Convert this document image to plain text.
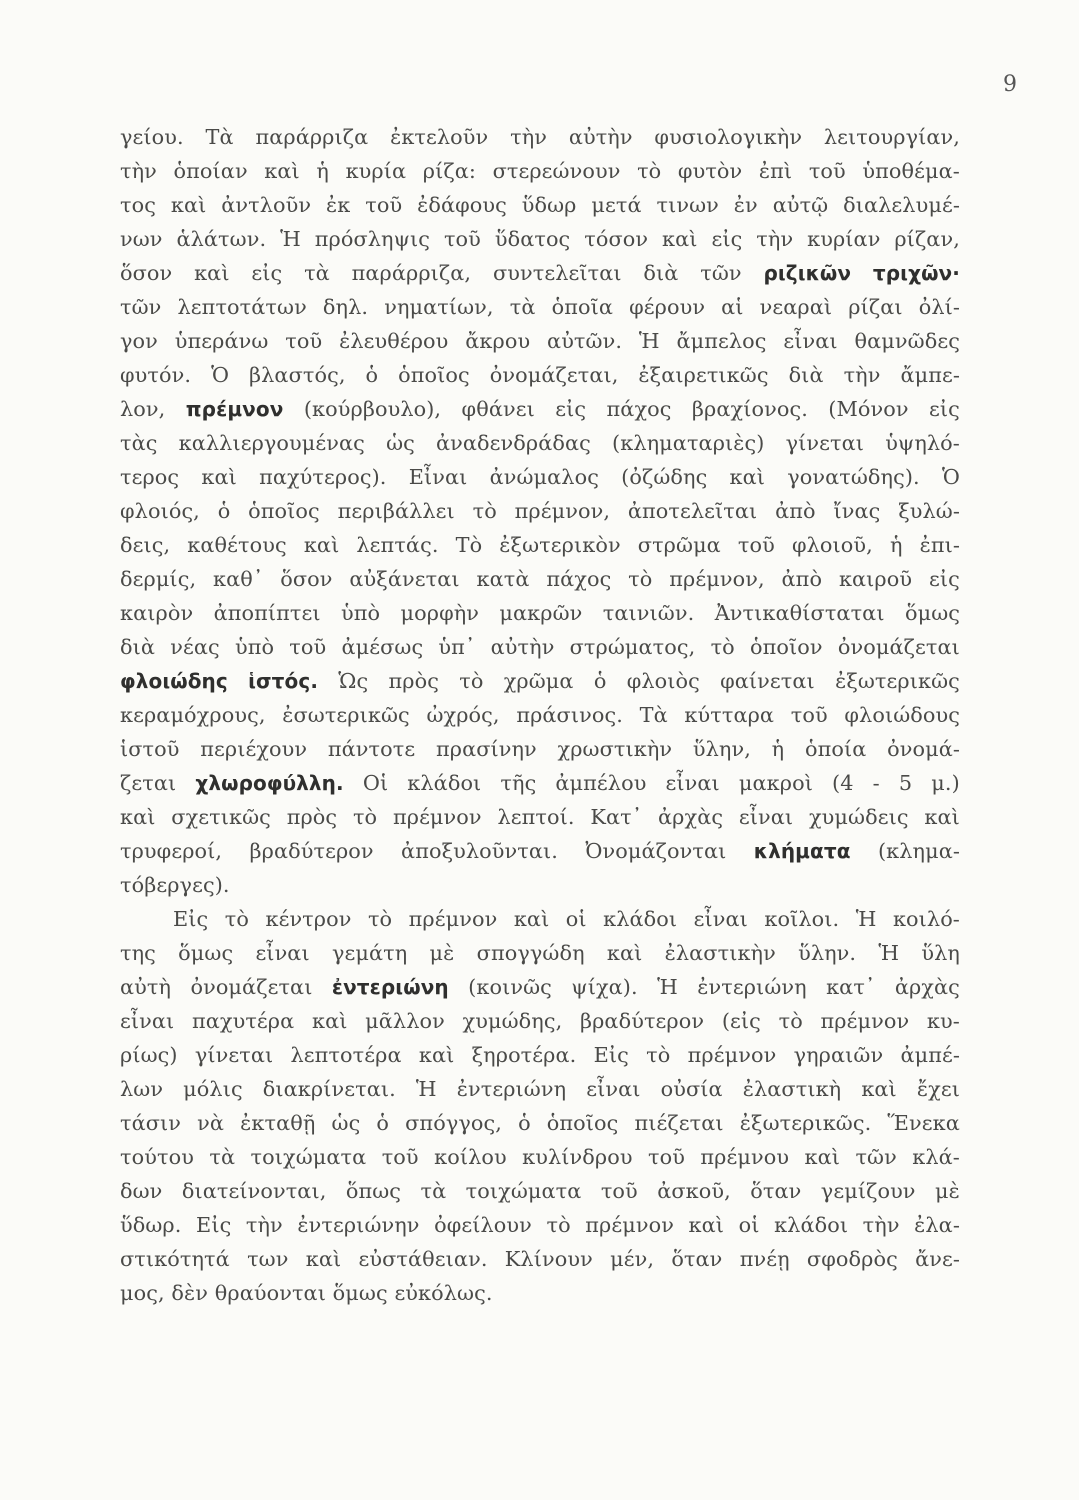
9
γείου. Τὰ παράρριζα ἐκτελοῦν τὴν αὐτὴν φυσιολογικὴν λειτουργίαν,
τὴν ὁποίαν καὶ ἡ κυρία ρίζα: στερεώνουν τὸ φυτὸν ἐπὶ τοῦ ὑποθέμα-
τος καὶ ἀντλοῦν ἐκ τοῦ ἐδάφους ὕδωρ μετά τινων ἐν αὐτῷ διαλελυμέ-
νων ἁλάτων. Ἡ πρόσληψις τοῦ ὕδατος τόσον καὶ εἰς τὴν κυρίαν ρίζαν,
ὅσον καὶ εἰς τὰ παράρριζα, συντελεῖται διὰ τῶν ριζικῶν τριχῶν·
τῶν λεπτοτάτων δηλ. νηματίων, τὰ ὁποῖα φέρουν αἱ νεαραὶ ρίζαι ὀλί-
γον ὑπεράνω τοῦ ἐλευθέρου ἄκρου αὐτῶν. Ἡ ἄμπελος εἶναι θαμνῶδες
φυτόν. Ὁ βλαστός, ὁ ὁποῖος ὀνομάζεται, ἐξαιρετικῶς διὰ τὴν ἄμπε-
λον, πρέμνον (κούρβουλο), φθάνει εἰς πάχος βραχίονος. (Μόνον εἰς
τὰς καλλιεργουμένας ὡς ἀναδενδράδας (κληματαριὲς) γίνεται ὑψηλό-
τερος καὶ παχύτερος). Εἶναι ἀνώμαλος (ὀζώδης καὶ γονατώδης). Ὁ
φλοιός, ὁ ὁποῖος περιβάλλει τὸ πρέμνον, ἀποτελεῖται ἀπὸ ἴνας ξυλώ-
δεις, καθέτους καὶ λεπτάς. Τὸ ἐξωτερικὸν στρῶμα τοῦ φλοιοῦ, ἡ ἐπι-
δερμίς, καθ᾿ ὅσον αὐξάνεται κατὰ πάχος τὸ πρέμνον, ἀπὸ καιροῦ εἰς
καιρὸν ἀποπίπτει ὑπὸ μορφὴν μακρῶν ταινιῶν. Ἀντικαθίσταται ὅμως
διὰ νέας ὑπὸ τοῦ ἀμέσως ὑπ᾿ αὐτὴν στρώματος, τὸ ὁποῖον ὀνομάζεται
φλοιώδης ἱστός. Ὡς πρὸς τὸ χρῶμα ὁ φλοιὸς φαίνεται ἐξωτερικῶς
κεραμόχρους, ἐσωτερικῶς ὠχρός, πράσινος. Τὰ κύτταρα τοῦ φλοιώδους
ἱστοῦ περιέχουν πάντοτε πρασίνην χρωστικὴν ὕλην, ἡ ὁποία ὀνομά-
ζεται χλωροφύλλη. Οἱ κλάδοι τῆς ἀμπέλου εἶναι μακροὶ (4 - 5 μ.)
καὶ σχετικῶς πρὸς τὸ πρέμνον λεπτοί. Κατ᾿ ἀρχὰς εἶναι χυμώδεις καὶ
τρυφεροί, βραδύτερον ἀποξυλοῦνται. Ὀνομάζονται κλήματα (κλημα-
τόβεργες).
Εἰς τὸ κέντρον τὸ πρέμνον καὶ οἱ κλάδοι εἶναι κοῖλοι. Ἡ κοιλό-
της ὅμως εἶναι γεμάτη μὲ σπογγώδη καὶ ἐλαστικὴν ὕλην. Ἡ ὕλη
αὐτὴ ὀνομάζεται ἐντεριώνη (κοινῶς ψίχα). Ἡ ἐντεριώνη κατ᾿ ἀρχὰς
εἶναι παχυτέρα καὶ μᾶλλον χυμώδης, βραδύτερον (εἰς τὸ πρέμνον κυ-
ρίως) γίνεται λεπτοτέρα καὶ ξηροτέρα. Εἰς τὸ πρέμνον γηραιῶν ἀμπέ-
λων μόλις διακρίνεται. Ἡ ἐντεριώνη εἶναι οὐσία ἐλαστικὴ καὶ ἔχει
τάσιν νὰ ἐκταθῇ ὡς ὁ σπόγγος, ὁ ὁποῖος πιέζεται ἐξωτερικῶς. Ἕνεκα
τούτου τὰ τοιχώματα τοῦ κοίλου κυλίνδρου τοῦ πρέμνου καὶ τῶν κλά-
δων διατείνονται, ὅπως τὰ τοιχώματα τοῦ ἀσκοῦ, ὅταν γεμίζουν μὲ
ὕδωρ. Εἰς τὴν ἐντεριώνην ὀφείλουν τὸ πρέμνον καὶ οἱ κλάδοι τὴν ἐλα-
στικότητά των καὶ εὐστάθειαν. Κλίνουν μέν, ὅταν πνέῃ σφοδρὸς ἄνε-
μος, δὲν θραύονται ὅμως εὐκόλως.
